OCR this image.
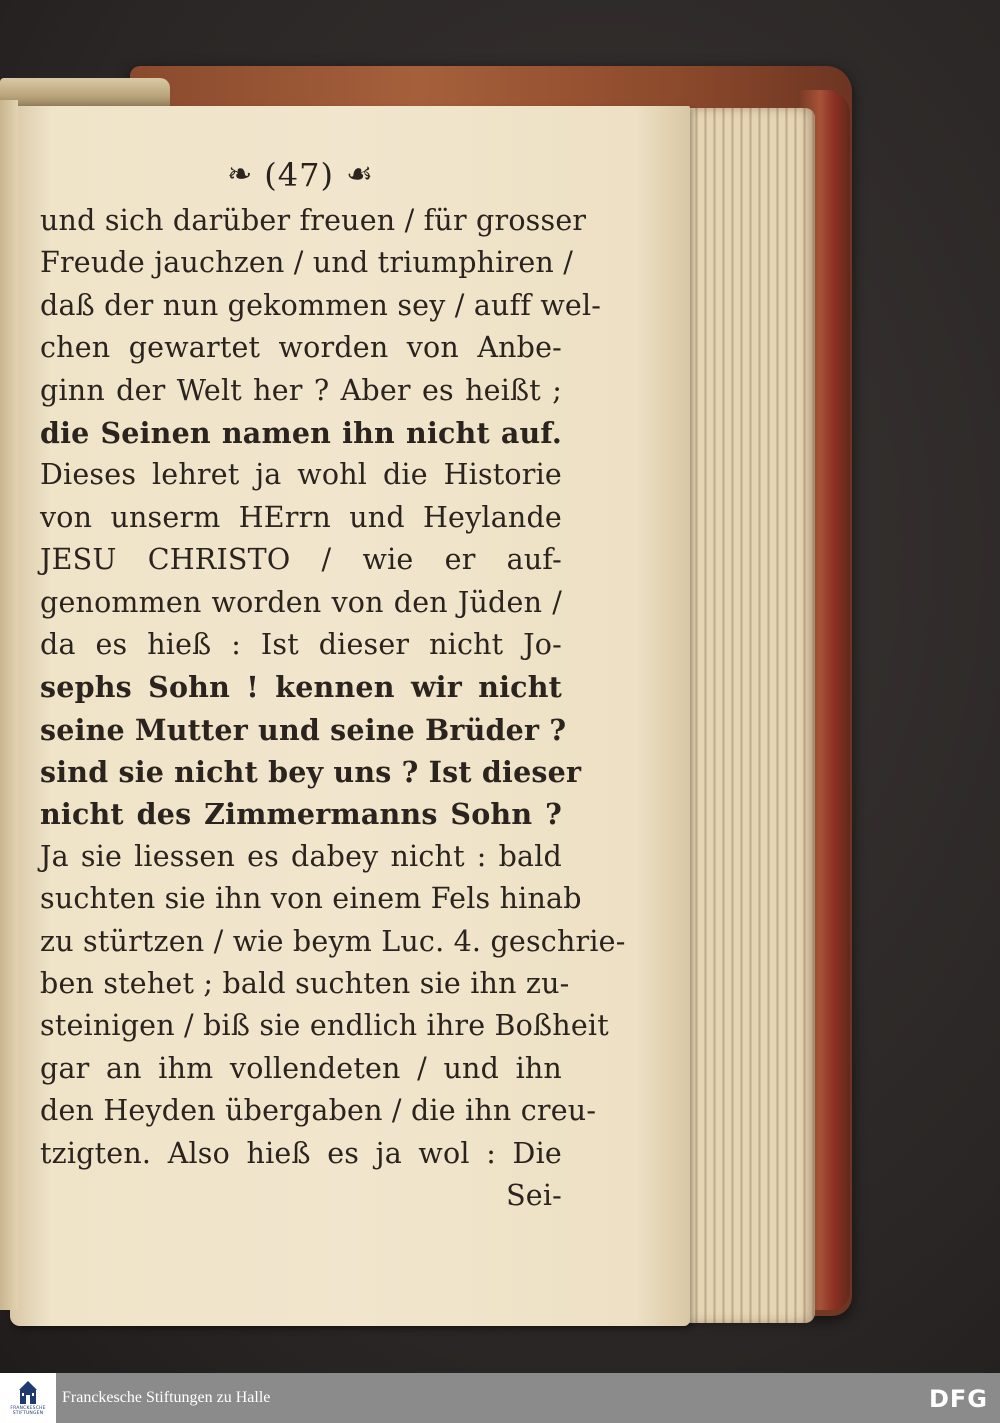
❧ (47) ☙
und sich darüber freuen / für grosser
Freude jauchzen / und triumphiren /
daß der nun gekommen sey / auff wel-
chen gewartet worden von Anbe-
ginn der Welt her ? Aber es heißt ;
die Seinen namen ihn nicht auf.
Dieses lehret ja wohl die Historie
von unserm HErrn und Heylande
JESU CHRISTO / wie er auf-
genommen worden von den Jüden /
da es hieß : Ist dieser nicht Jo-
sephs Sohn ! kennen wir nicht
seine Mutter und seine Brüder ?
sind sie nicht bey uns ? Ist dieser
nicht des Zimmermanns Sohn ?
Ja sie liessen es dabey nicht : bald
suchten sie ihn von einem Fels hinab
zu stürtzen / wie beym Luc. 4. geschrie-
ben stehet ; bald suchten sie ihn zu-
steinigen / biß sie endlich ihre Boßheit
gar an ihm vollendeten / und ihn
den Heyden übergaben / die ihn creu-
tzigten. Also hieß es ja wol : Die
Sei-
FRANCKESCHE
STIFTUNGEN
Franckesche Stiftungen zu Halle	DFG
